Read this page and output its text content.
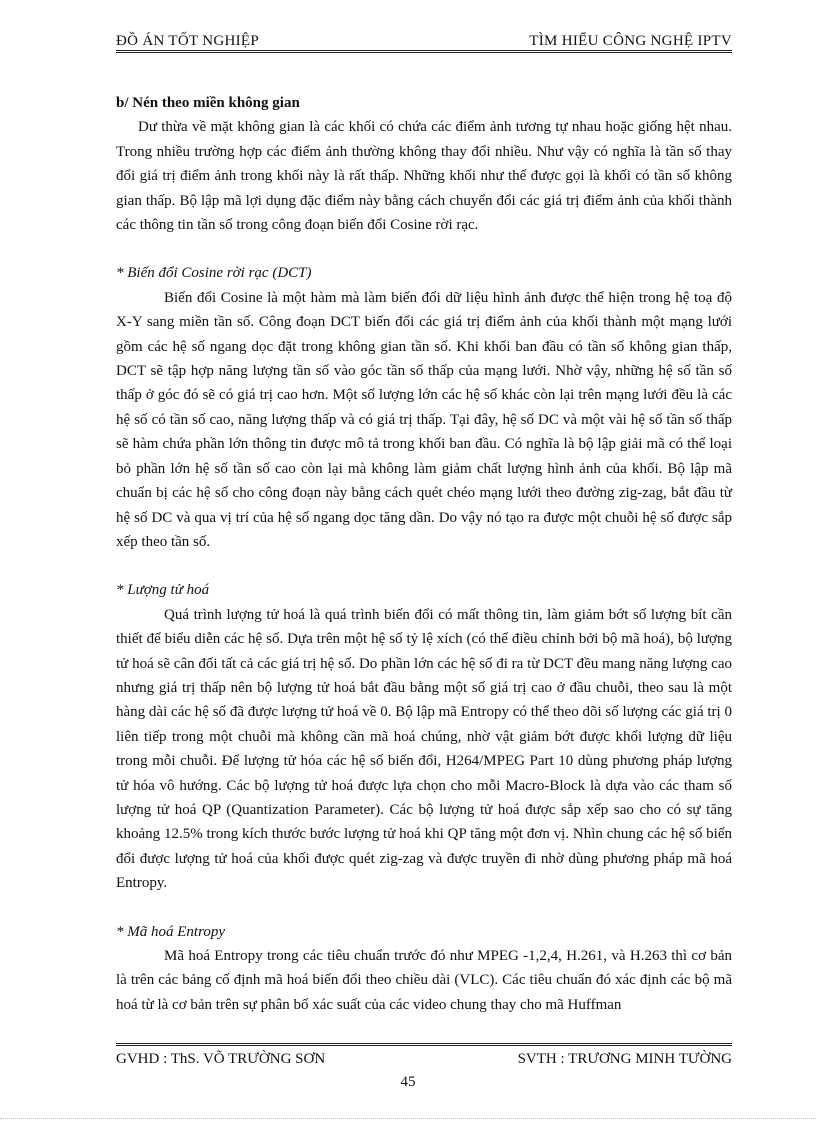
ĐỒ ÁN TỐT NGHIỆP	TÌM HIỂU CÔNG NGHỆ IPTV

b/ Nén theo miền không gian

Dư thừa về mặt không gian là các khối có chứa các điểm ảnh tương tự nhau hoặc giống hệt nhau. Trong nhiều trường hợp các điểm ảnh thường không thay đổi nhiều. Như vậy có nghĩa là tần số thay đổi giá trị điểm ảnh trong khối này là rất thấp. Những khối như thế được gọi là khối có tần số không gian thấp. Bộ lập mã lợi dụng đặc điểm này bằng cách chuyển đổi các giá trị điểm ảnh của khối thành các thông tin tần số trong công đoạn biến đổi Cosine rời rạc.

* Biến đổi Cosine rời rạc (DCT)

Biến đổi Cosine là một hàm mà làm biến đổi dữ liệu hình ảnh được thể hiện trong hệ toạ độ X-Y sang miền tần số. Công đoạn DCT biến đổi các giá trị điểm ảnh của khối thành một mạng lưới gồm các hệ số ngang dọc đặt trong không gian tần số. Khi khối ban đầu có tần số không gian thấp, DCT sẽ tập hợp năng lượng tần số vào góc tần số thấp của mạng lưới. Nhờ vậy, những hệ số tần số thấp ở góc đó sẽ có giá trị cao hơn. Một số lượng lớn các hệ số khác còn lại trên mạng lưới đều là các hệ số có tần số cao, năng lượng thấp và có giá trị thấp. Tại đây, hệ số DC và một vài hệ số tần số thấp sẽ hàm chứa phần lớn thông tin được mô tả trong khối ban đầu. Có nghĩa là bộ lập giải mã có thể loại bỏ phần lớn hệ số tần số cao còn lại mà không làm giảm chất lượng hình ảnh của khối. Bộ lập mã chuẩn bị các hệ số cho công đoạn này bằng cách quét chéo mạng lưới theo đường zig-zag, bắt đầu từ hệ số DC và qua vị trí của hệ số ngang dọc tăng dần. Do vậy nó tạo ra được một chuỗi hệ số được sắp xếp theo tần số.

* Lượng tử hoá

Quá trình lượng tử hoá là quá trình biến đổi có mất thông tin, làm giảm bớt số lượng bít cần thiết để biểu diễn các hệ số. Dựa trên một hệ số tỷ lệ xích (có thể điều chỉnh bởi bộ mã hoá), bộ lượng tử hoá sẽ cân đối tất cả các giá trị hệ số. Do phần lớn các hệ số đi ra từ DCT đều mang năng lượng cao nhưng giá trị thấp nên bộ lượng tử hoá bắt đầu bằng một số giá trị cao ở đầu chuỗi, theo sau là một hàng dài các hệ số đã được lượng tử hoá về 0. Bộ lập mã Entropy có thể theo dõi số lượng các giá trị 0 liên tiếp trong một chuỗi mà không cần mã hoá chúng, nhờ vật giảm bớt được khối lượng dữ liệu trong mỗi chuỗi. Để lượng tử hóa các hệ số biến đổi, H264/MPEG Part 10 dùng phương pháp lượng tử hóa vô hướng. Các bộ lượng tử hoá được lựa chọn cho mỗi Macro-Block là dựa vào các tham số lượng tử hoá QP (Quantization Parameter). Các bộ lượng tử hoá được sắp xếp sao cho có sự tăng khoảng 12.5% trong kích thước bước lượng tử hoá khi QP tăng một đơn vị. Nhìn chung các hệ số biến đổi được lượng tử hoá của khối được quét zig-zag và được truyền đi nhờ dùng phương pháp mã hoá Entropy.

* Mã hoá Entropy

Mã hoá Entropy trong các tiêu chuẩn trước đó như MPEG -1,2,4, H.261, và H.263 thì cơ bản là trên các bảng cố định mã hoá biến đổi theo chiều dài (VLC). Các tiêu chuẩn đó xác định các bộ mã hoá từ là cơ bản trên sự phân bố xác suất của các video chung thay cho mã Huffman

GVHD : ThS. VÕ TRƯỜNG SƠN	SVTH : TRƯƠNG MINH TƯỜNG
45
